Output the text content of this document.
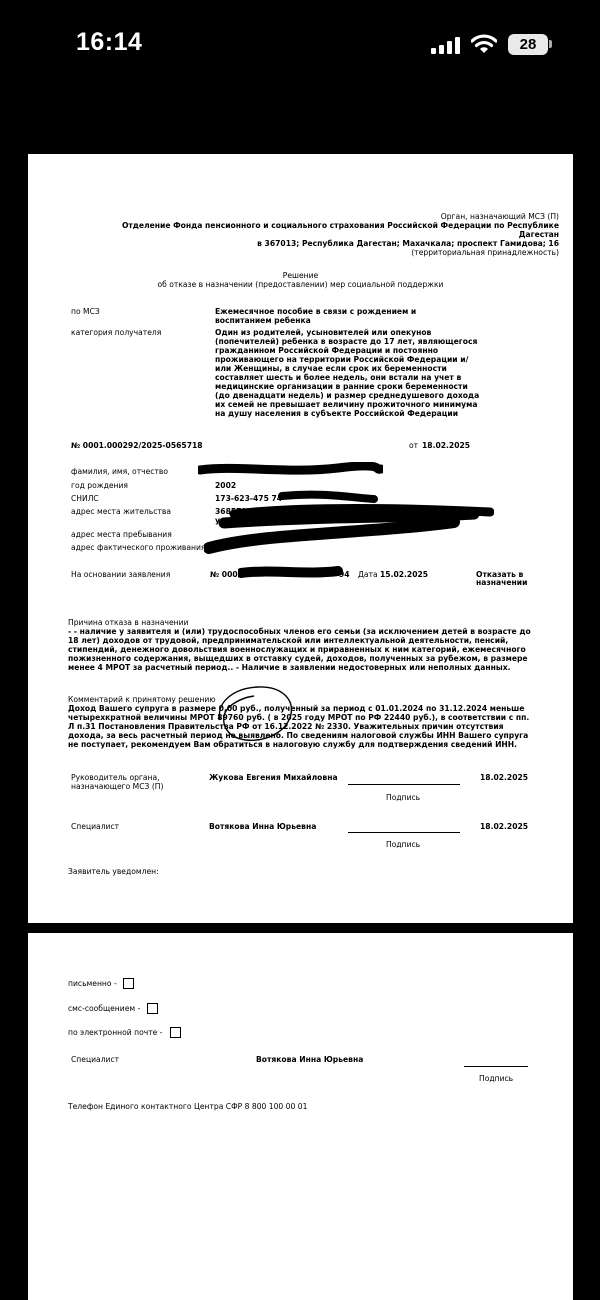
16:14	28
Орган, назначающий МСЗ (П)
Отделение Фонда пенсионного и социального страхования Российской Федерации по Республике
Дагестан
в 367013; Республика Дагестан; Махачкала; проспект Гамидова; 16
(территориальная принадлежность)
Решение
об отказе в назначении (предоставлении) мер социальной поддержки
по МСЗ	Ежемесячное пособие в связи с рождением и воспитанием ребенка
категория получателя	Один из родителей, усыновителей или опекунов (попечителей) ребенка в возрасте до 17 лет, являющегося гражданином Российской Федерации и постоянно проживающего на территории Российской Федерации и/или Женщины, в случае если срок их беременности составляет шесть и более недель, они встали на учет в медицинские организации в ранние сроки беременности (до двенадцати недель) и размер среднедушевого дохода их семей не превышает величину прожиточного минимума на душу населения в субъекте Российской Федерации
№ 0001.000292/2025-0565718	от 18.02.2025
фамилия, имя, отчество
год рождения	2002
СНИЛС	173-623-475 74
адрес места жительства	368579
ул. А
адрес места пребывания
адрес фактического проживания
На основании заявления	№ 0001.	94 Дата 15.02.2025	Отказать в
назначении
Причина отказа в назначении
- - наличие у заявителя и (или) трудоспособных членов его семьи (за исключением детей в возрасте до 18 лет) доходов от трудовой, предпринимательской или интеллектуальной деятельности, пенсий, стипендий, денежного довольствия военнослужащих и приравненных к ним категорий, ежемесячного пожизненного содержания, выщедших в отставку судей, доходов, полученных за рубежом, в размере менее 4 МРОТ за расчетный период.. - Наличие в заявлении недостоверных или неполных данных.
Комментарий к принятому решению
Доход Вашего супруга в размере 0,00 руб., полученный за период с 01.01.2024 по 31.12.2024 меньше четырехкратной величины МРОТ 89760 руб. ( в 2025 году МРОТ по РФ 22440 руб.), в соответствии с пп. Л п.31 Постановления Правительства РФ от 16.12.2022 № 2330. Уважительных причин отсутствия дохода, за весь расчетный период не выявлено. По сведениям налоговой службы ИНН Вашего супруга не поступает, рекомендуем Вам обратиться в налоговую службу для подтверждения сведений ИНН.
Руководитель органа,
назначающего МСЗ (П)
Жукова Евгения Михайловна	18.02.2025
Подпись
Специалист	Вотякова Инна Юрьевна	18.02.2025
Подпись
Заявитель уведомлен:
письменно -
смс-сообщением -
по электронной почте -
Специалист	Вотякова Инна Юрьевна
Подпись
Телефон Единого контактного Центра СФР 8 800 100 00 01
